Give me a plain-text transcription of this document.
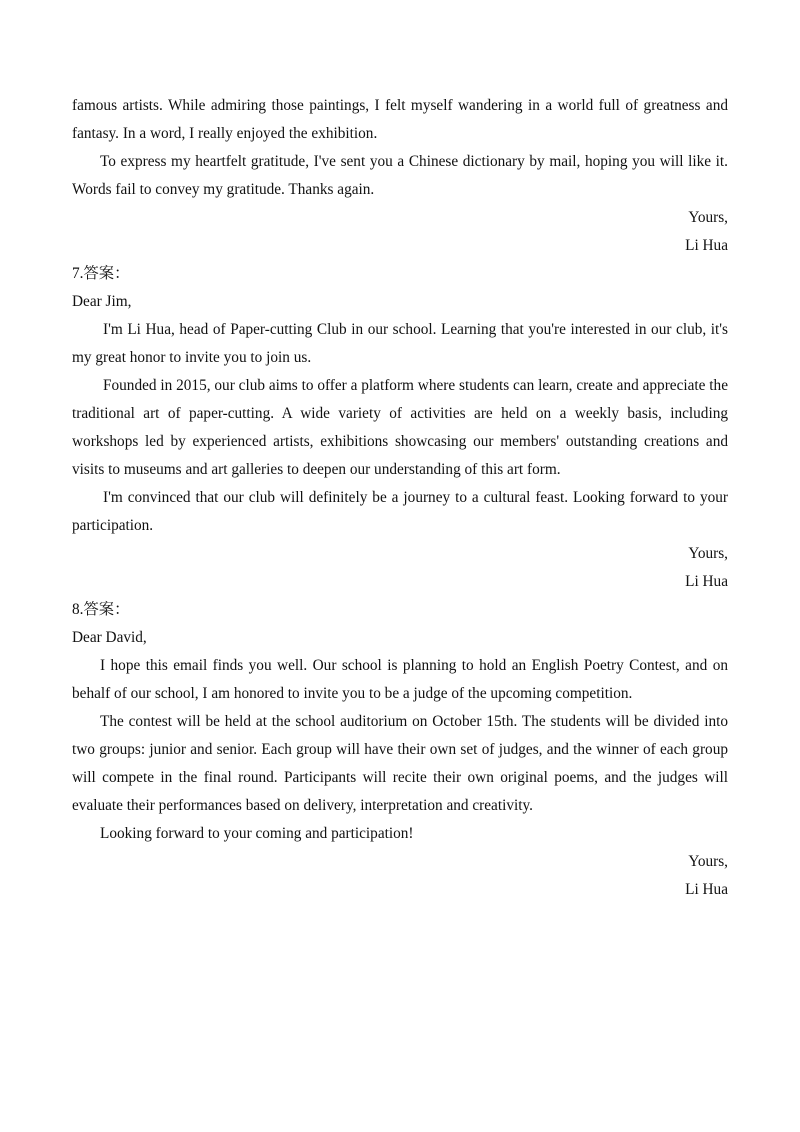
famous artists. While admiring those paintings, I felt myself wandering in a world full of greatness and fantasy. In a word, I really enjoyed the exhibition.

To express my heartfelt gratitude, I've sent you a Chinese dictionary by mail, hoping you will like it. Words fail to convey my gratitude. Thanks again.

Yours,
Li Hua
7.答案：

Dear Jim,

I'm Li Hua, head of Paper-cutting Club in our school. Learning that you're interested in our club, it's my great honor to invite you to join us.

Founded in 2015, our club aims to offer a platform where students can learn, create and appreciate the traditional art of paper-cutting. A wide variety of activities are held on a weekly basis, including workshops led by experienced artists, exhibitions showcasing our members' outstanding creations and visits to museums and art galleries to deepen our understanding of this art form.

I'm convinced that our club will definitely be a journey to a cultural feast. Looking forward to your participation.

Yours,
Li Hua
8.答案：

Dear David,

I hope this email finds you well. Our school is planning to hold an English Poetry Contest, and on behalf of our school, I am honored to invite you to be a judge of the upcoming competition.

The contest will be held at the school auditorium on October 15th. The students will be divided into two groups: junior and senior. Each group will have their own set of judges, and the winner of each group will compete in the final round. Participants will recite their own original poems, and the judges will evaluate their performances based on delivery, interpretation and creativity.

Looking forward to your coming and participation!

Yours,
Li Hua
